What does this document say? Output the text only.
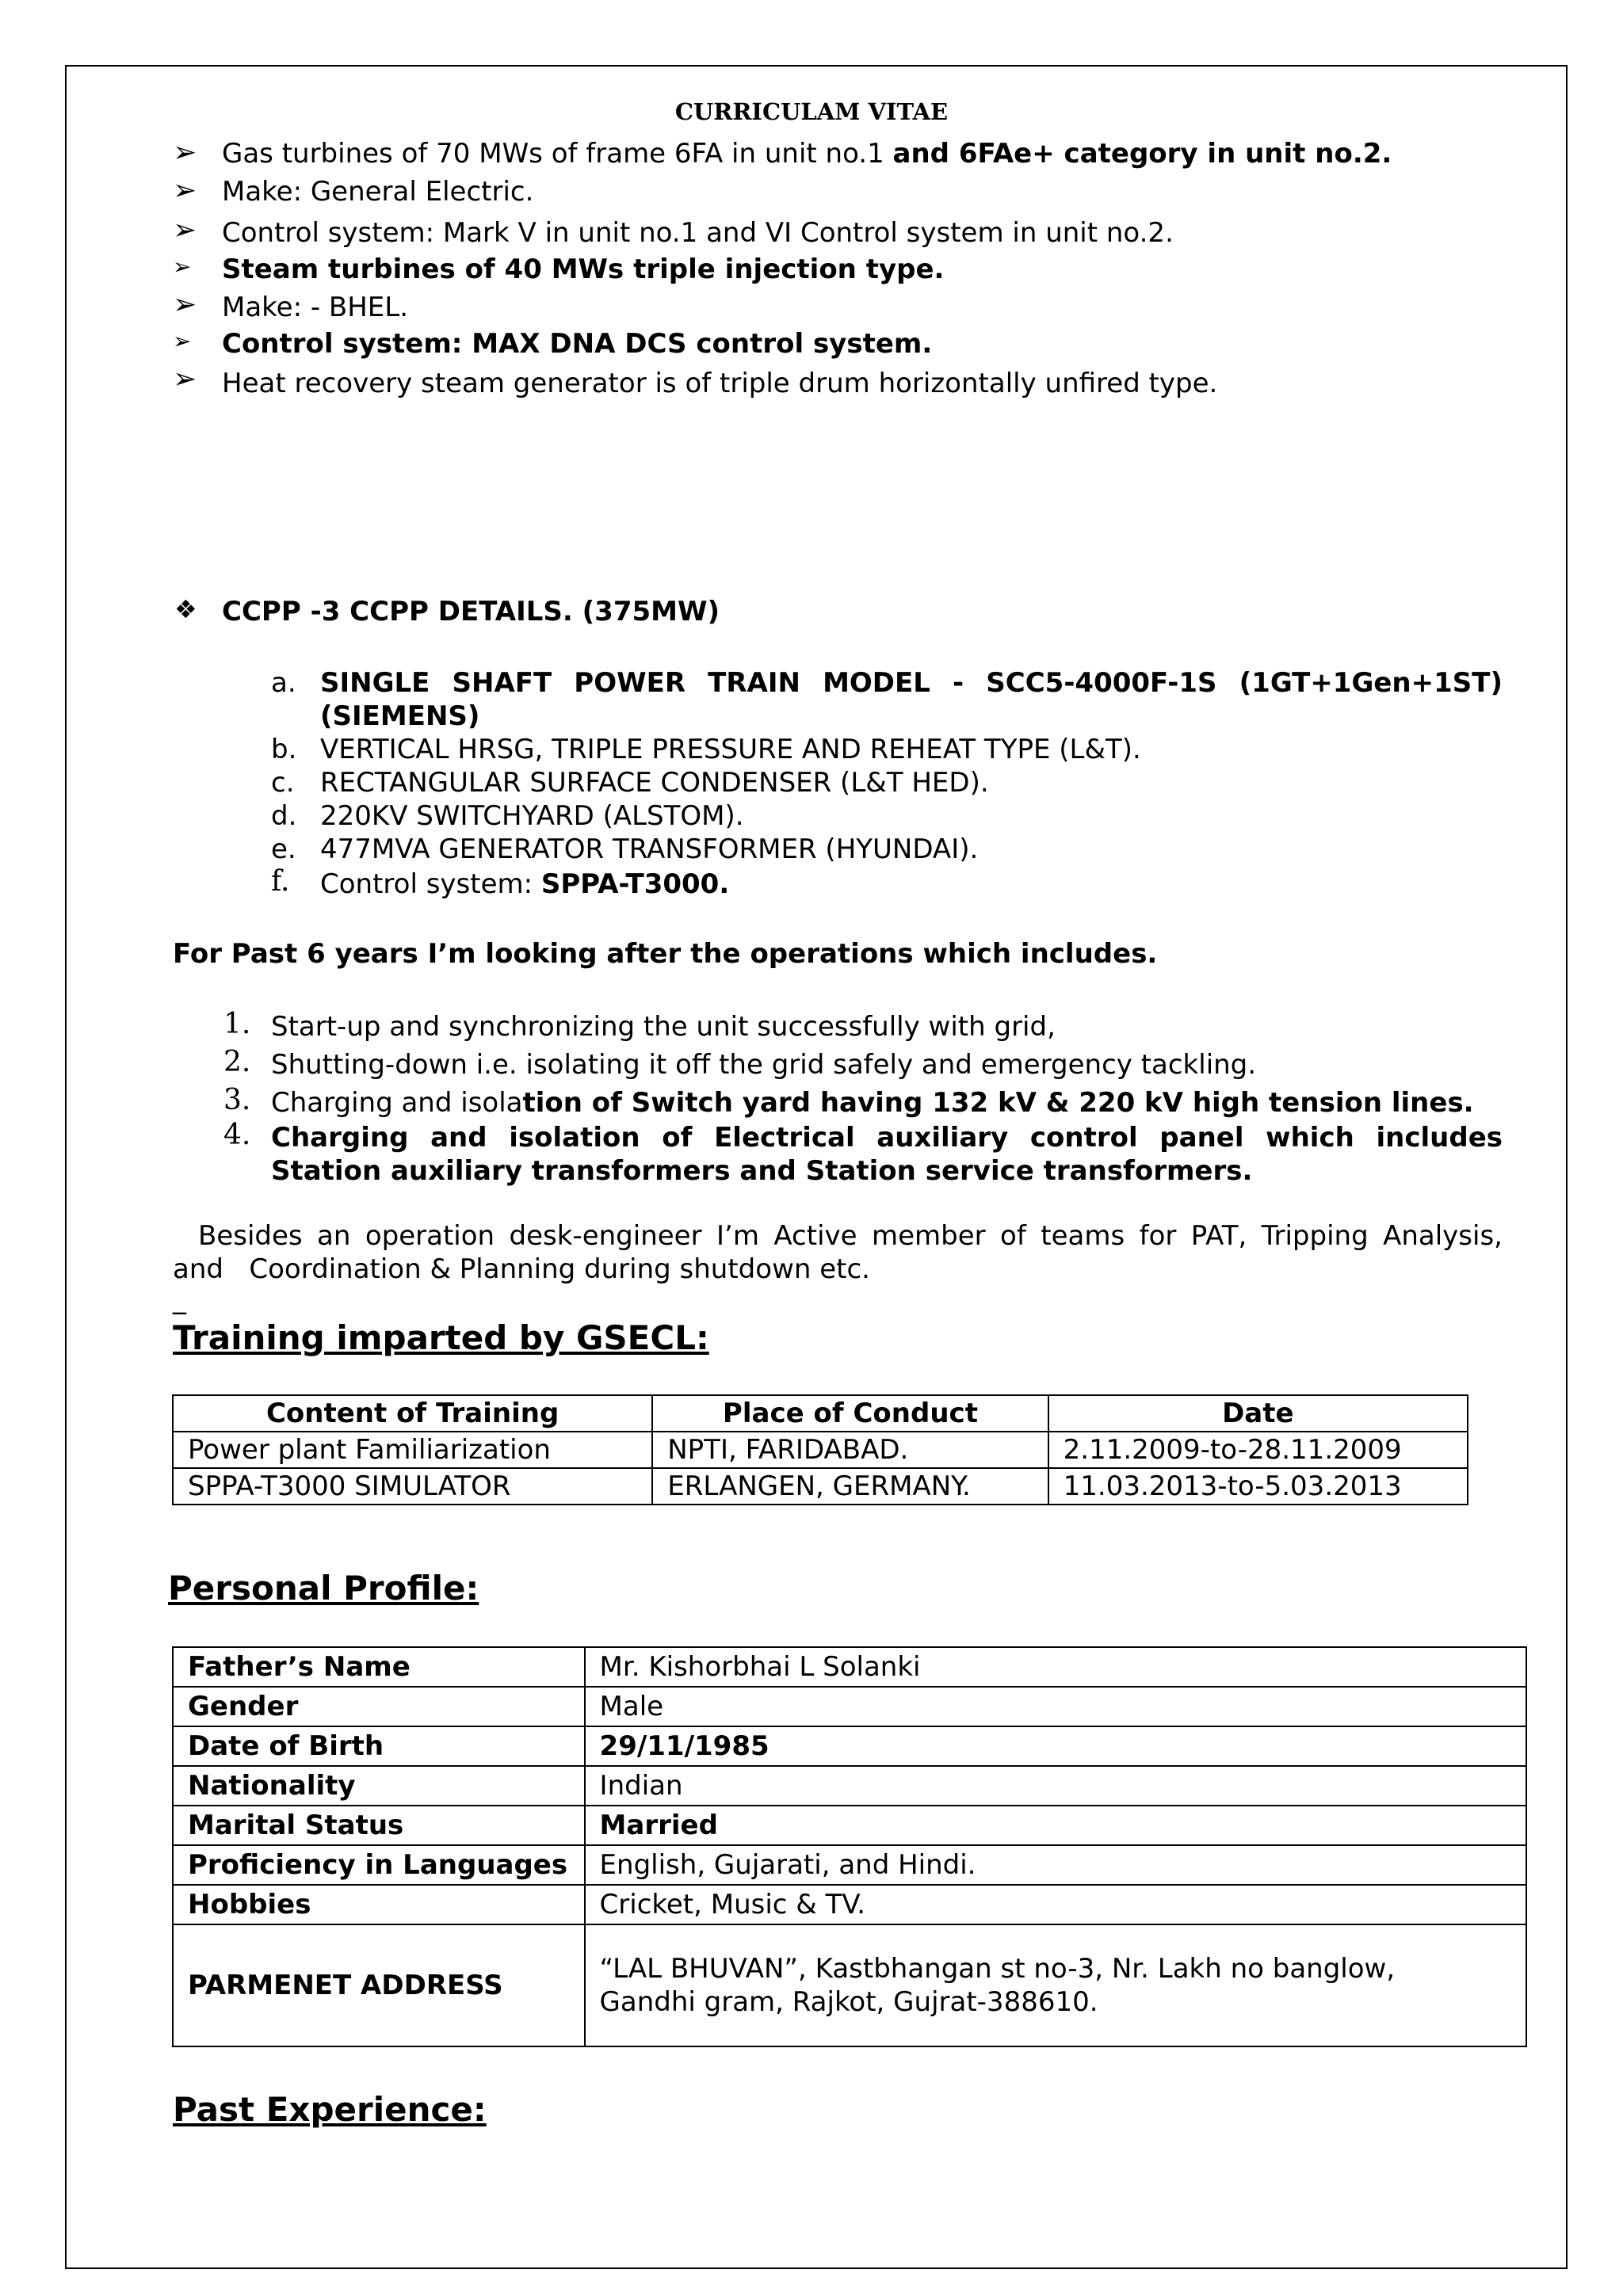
CURRICULAM VITAE
➢ Gas turbines of 70 MWs of frame 6FA in unit no.1 and 6FAe+ category in unit no.2.
➢ Make: General Electric.
➢ Control system: Mark V in unit no.1 and VI Control system in unit no.2.
➢ Steam turbines of 40 MWs triple injection type.
➢ Make: - BHEL.
➢ Control system: MAX DNA DCS control system.
➢ Heat recovery steam generator is of triple drum horizontally unfired type.
❖ CCPP -3 CCPP DETAILS. (375MW)
a. SINGLE SHAFT POWER TRAIN MODEL - SCC5-4000F-1S (1GT+1Gen+1ST)
(SIEMENS)
b. VERTICAL HRSG, TRIPLE PRESSURE AND REHEAT TYPE (L&T).
c. RECTANGULAR SURFACE CONDENSER (L&T HED).
d. 220KV SWITCHYARD (ALSTOM).
e. 477MVA GENERATOR TRANSFORMER (HYUNDAI).
f. Control system: SPPA-T3000.
For Past 6 years I’m looking after the operations which includes.
1. Start-up and synchronizing the unit successfully with grid,
2. Shutting-down i.e. isolating it off the grid safely and emergency tackling.
3. Charging and isolation of Switch yard having 132 kV & 220 kV high tension lines.
4. Charging and isolation of Electrical auxiliary control panel which includes
Station auxiliary transformers and Station service transformers.
Besides an operation desk-engineer I’m Active member of teams for PAT, Tripping Analysis,
and   Coordination & Planning during shutdown etc.
_
Training imparted by GSECL:
Content of Training	Place of Conduct	Date
Power plant Familiarization	NPTI, FARIDABAD.	2.11.2009-to-28.11.2009
SPPA-T3000 SIMULATOR	ERLANGEN, GERMANY.	11.03.2013-to-5.03.2013
Personal Profile:
Father’s Name	Mr. Kishorbhai L Solanki
Gender	Male
Date of Birth	29/11/1985
Nationality	Indian
Marital Status	Married
Proficiency in Languages	English, Gujarati, and Hindi.
Hobbies	Cricket, Music & TV.
PARMENET ADDRESS	“LAL BHUVAN”, Kastbhangan st no-3, Nr. Lakh no banglow,
Gandhi gram, Rajkot, Gujrat-388610.
Past Experience:
